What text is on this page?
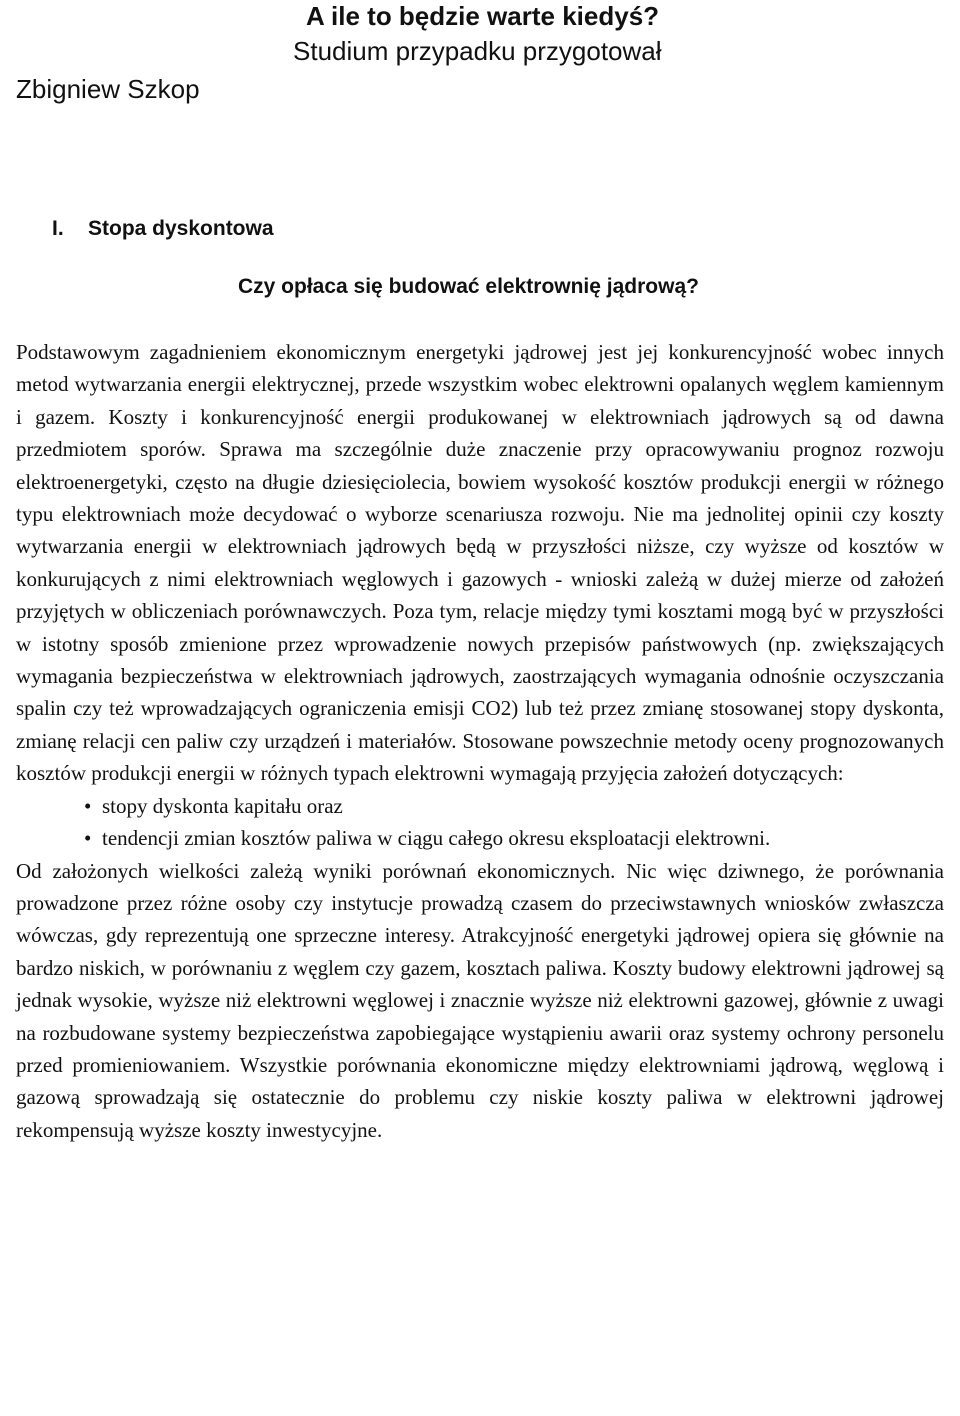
A ile to będzie warte kiedyś?
Studium przypadku przygotował
Zbigniew Szkop
I. Stopa dyskontowa
Czy opłaca się budować elektrownię jądrową?

Podstawowym zagadnieniem ekonomicznym energetyki jądrowej jest jej konkurencyjność wobec innych metod wytwarzania energii elektrycznej, przede wszystkim wobec elektrowni opalanych węglem kamiennym i gazem. Koszty i konkurencyjność energii produkowanej w elektrowniach jądrowych są od dawna przedmiotem sporów. Sprawa ma szczególnie duże znaczenie przy opracowywaniu prognoz rozwoju elektroenergetyki, często na długie dziesięciolecia, bowiem wysokość kosztów produkcji energii w różnego typu elektrowniach może decydować o wyborze scenariusza rozwoju. Nie ma jednolitej opinii czy koszty wytwarzania energii w elektrowniach jądrowych będą w przyszłości niższe, czy wyższe od kosztów w konkurujących z nimi elektrowniach węglowych i gazowych - wnioski zależą w dużej mierze od założeń przyjętych w obliczeniach porównawczych. Poza tym, relacje między tymi kosztami mogą być w przyszłości w istotny sposób zmienione przez wprowadzenie nowych przepisów państwowych (np. zwiększających wymagania bezpieczeństwa w elektrowniach jądrowych, zaostrzających wymagania odnośnie oczyszczania spalin czy też wprowadzających ograniczenia emisji CO2) lub też przez zmianę stosowanej stopy dyskonta, zmianę relacji cen paliw czy urządzeń i materiałów. Stosowane powszechnie metody oceny prognozowanych kosztów produkcji energii w różnych typach elektrowni wymagają przyjęcia założeń dotyczących:

• stopy dyskonta kapitału oraz
• tendencji zmian kosztów paliwa w ciągu całego okresu eksploatacji elektrowni.

Od założonych wielkości zależą wyniki porównań ekonomicznych. Nic więc dziwnego, że porównania prowadzone przez różne osoby czy instytucje prowadzą czasem do przeciwstawnych wniosków zwłaszcza wówczas, gdy reprezentują one sprzeczne interesy. Atrakcyjność energetyki jądrowej opiera się głównie na bardzo niskich, w porównaniu z węglem czy gazem, kosztach paliwa. Koszty budowy elektrowni jądrowej są jednak wysokie, wyższe niż elektrowni węglowej i znacznie wyższe niż elektrowni gazowej, głównie z uwagi na rozbudowane systemy bezpieczeństwa zapobiegające wystąpieniu awarii oraz systemy ochrony personelu przed promieniowaniem. Wszystkie porównania ekonomiczne między elektrowniami jądrową, węglową i gazową sprowadzają się ostatecznie do problemu czy niskie koszty paliwa w elektrowni jądrowej rekompensują wyższe koszty inwestycyjne.
